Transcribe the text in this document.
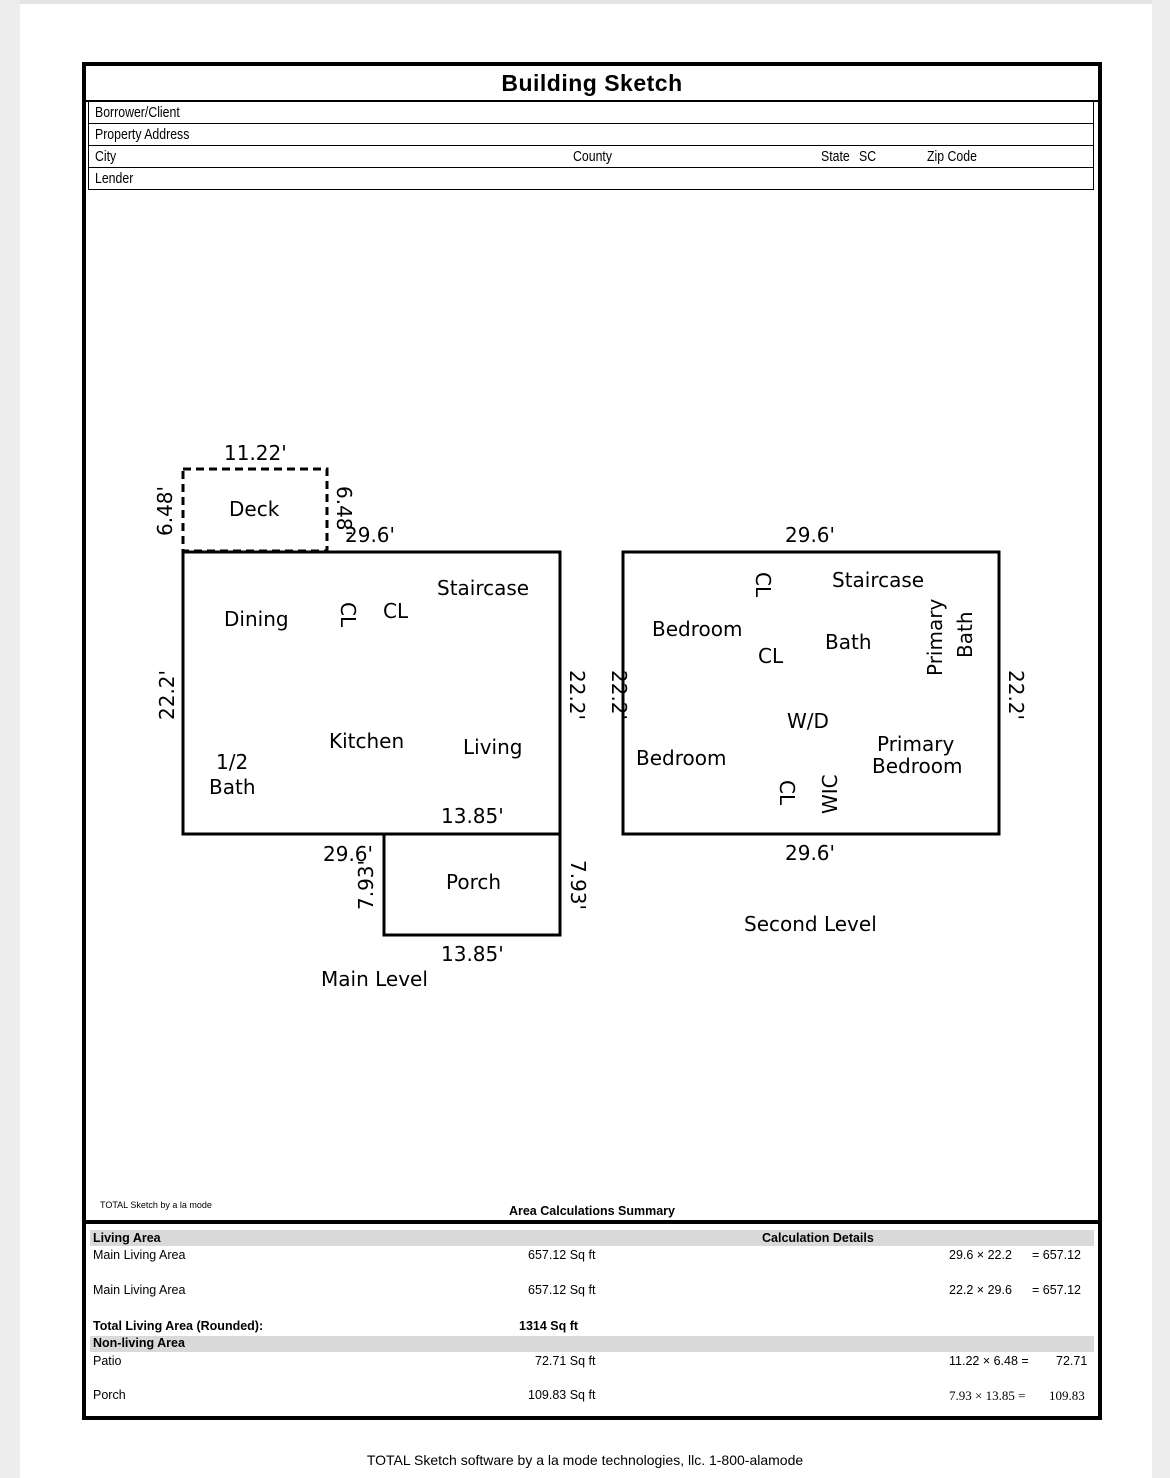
Building Sketch
Borrower/Client
Property Address
City	County	State SC	Zip Code
Lender
TOTAL Sketch by a la mode	Area Calculations Summary
Living Area	Calculation Details
Main Living Area	657.12 Sq ft	29.6 × 22.2 = 657.12
Main Living Area	657.12 Sq ft	22.2 × 29.6 = 657.12
Total Living Area (Rounded):	1314 Sq ft
Non-living Area
Patio	72.71 Sq ft	11.22 × 6.48 = 72.71
Porch	109.83 Sq ft	7.93 × 13.85 = 109.83
11.22'
Deck
6.48'	6.48'
29.6'
22.2'	22.2'
Dining CL CL
Staircase
Kitchen	Living
1/2
Bath
13.85'
29.6'
Main Level
7.93'	7.93'
Porch
13.85'
29.6'
22.2'	22.2'
CL	Staircase
Bedroom
CL
Bath	Primary Bath
W/D
Bedroom
Primary
Bedroom
CL WIC
29.6'
Second Level
TOTAL Sketch software by a la mode technologies, llc. 1-800-alamode
